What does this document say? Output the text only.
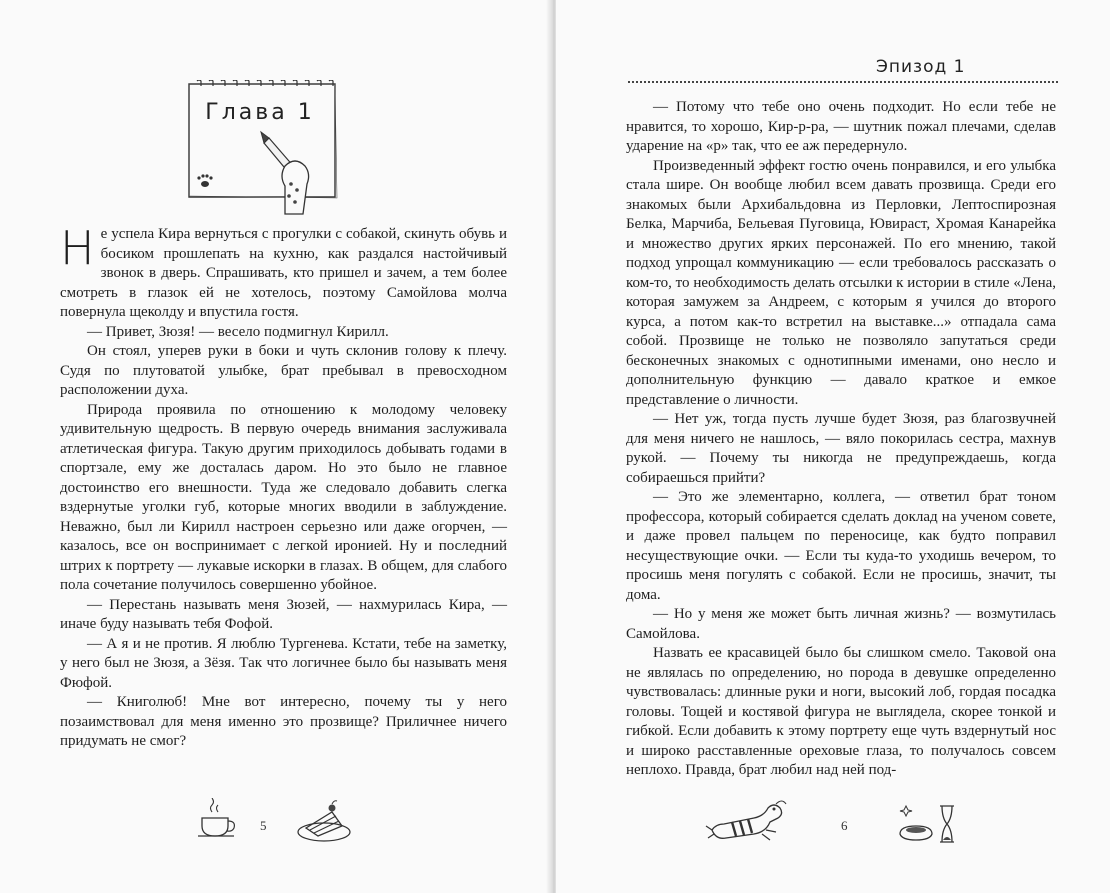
Глава 1

Не успела Кира вернуться с прогулки с собакой, скинуть обувь и босиком прошлепать на кухню, как раздался настойчивый звонок в дверь. Спрашивать, кто пришел и зачем, а тем более смотреть в глазок ей не хотелось, поэтому Самойлова молча повернула щеколду и впустила гостя.

— Привет, Зюзя! — весело подмигнул Кирилл.

Он стоял, уперев руки в боки и чуть склонив голову к плечу. Судя по плутоватой улыбке, брат пребывал в превосходном расположении духа.

Природа проявила по отношению к молодому человеку удивительную щедрость. В первую очередь внимания заслуживала атлетическая фигура. Такую другим приходилось добывать годами в спортзале, ему же досталась даром. Но это было не главное достоинство его внешности. Туда же следовало добавить слегка вздернутые уголки губ, которые многих вводили в заблуждение. Неважно, был ли Кирилл настроен серьезно или даже огорчен, — казалось, все он воспринимает с легкой иронией. Ну и последний штрих к портрету — лукавые искорки в глазах. В общем, для слабого пола сочетание получилось совершенно убойное.

— Перестань называть меня Зюзей, — нахмурилась Кира, — иначе буду называть тебя Фофой.

— А я и не против. Я люблю Тургенева. Кстати, тебе на заметку, у него был не Зюзя, а Зёзя. Так что логичнее было бы называть меня Фюфой.

— Книголюб! Мне вот интересно, почему ты у него позаимствовал для меня именно это прозвище? Приличнее ничего придумать не смог?

5
Эпизод 1

— Потому что тебе оно очень подходит. Но если тебе не нравится, то хорошо, Кир-р-ра, — шутник пожал плечами, сделав ударение на «р» так, что ее аж передернуло.

Произведенный эффект гостю очень понравился, и его улыбка стала шире. Он вообще любил всем давать прозвища. Среди его знакомых были Архибальдовна из Перловки, Лептоспирозная Белка, Марчиба, Бельевая Пуговица, Ювираст, Хромая Канарейка и множество других ярких персонажей. По его мнению, такой подход упрощал коммуникацию — если требовалось рассказать о ком-то, то необходимость делать отсылки к истории в стиле «Лена, которая замужем за Андреем, с которым я учился до второго курса, а потом как-то встретил на выставке...» отпадала сама собой. Прозвище не только не позволяло запутаться среди бесконечных знакомых с однотипными именами, оно несло и дополнительную функцию — давало краткое и емкое представление о личности.

— Нет уж, тогда пусть лучше будет Зюзя, раз благозвучней для меня ничего не нашлось, — вяло покорилась сестра, махнув рукой. — Почему ты никогда не предупреждаешь, когда собираешься прийти?

— Это же элементарно, коллега, — ответил брат тоном профессора, который собирается сделать доклад на ученом совете, и даже провел пальцем по переносице, как будто поправил несуществующие очки. — Если ты куда-то уходишь вечером, то просишь меня погулять с собакой. Если не просишь, значит, ты дома.

— Но у меня же может быть личная жизнь? — возмутилась Самойлова.

Назвать ее красавицей было бы слишком смело. Таковой она не являлась по определению, но порода в девушке определенно чувствовалась: длинные руки и ноги, высокий лоб, гордая посадка головы. Тощей и костявой фигура не выглядела, скорее тонкой и гибкой. Если добавить к этому портрету еще чуть вздернутый нос и широко расставленные ореховые глаза, то получалось совсем неплохо. Правда, брат любил над ней под-

6
